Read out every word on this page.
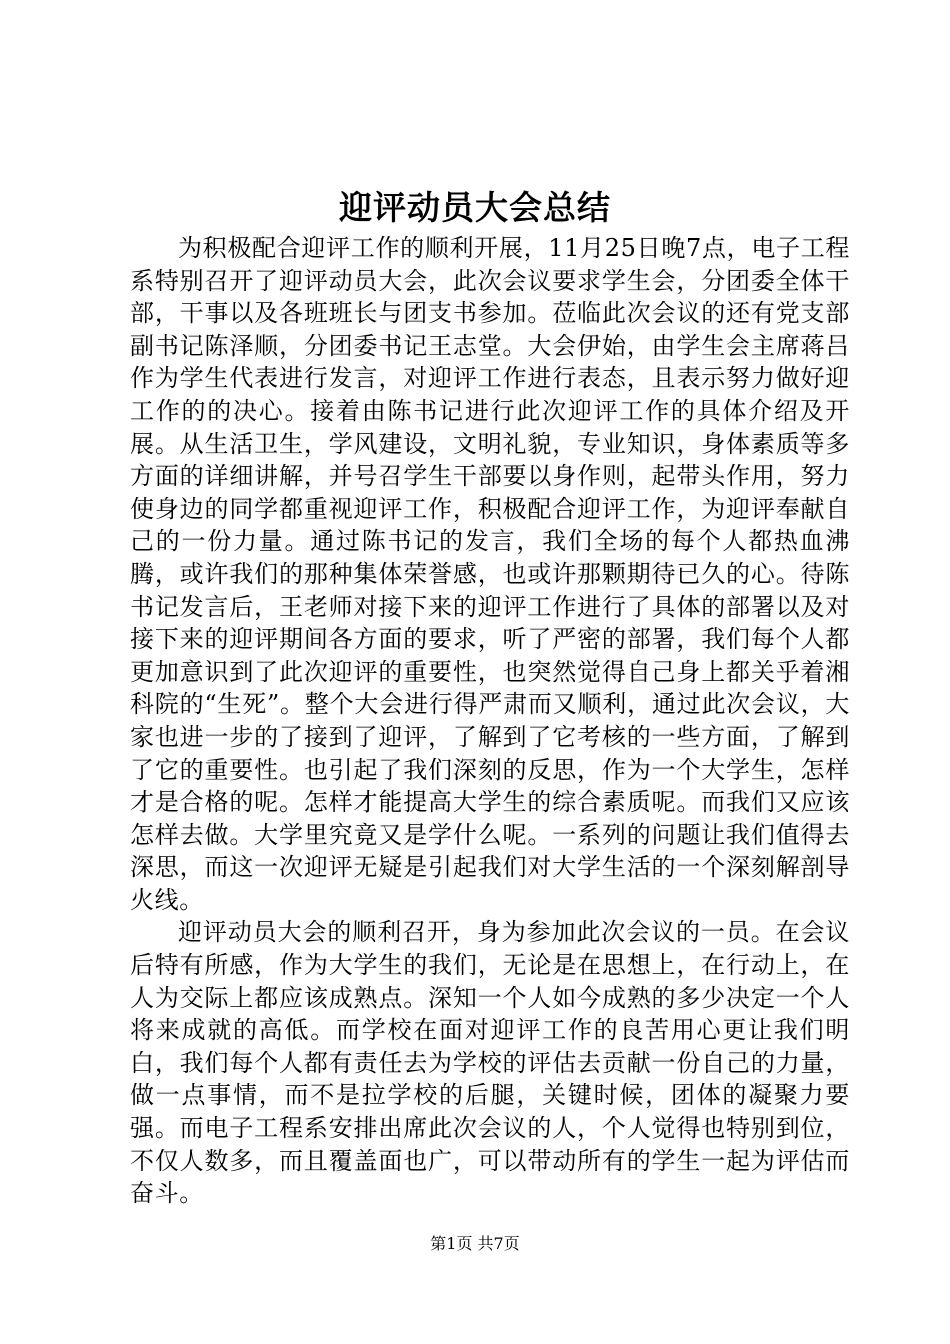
迎评动员大会总结

为积极配合迎评工作的顺利开展，11月25日晚7点，电子工程系特别召开了迎评动员大会，此次会议要求学生会，分团委全体干部，干事以及各班班长与团支书参加。莅临此次会议的还有党支部副书记陈泽顺，分团委书记王志堂。大会伊始，由学生会主席蒋吕作为学生代表进行发言，对迎评工作进行表态，且表示努力做好迎工作的的决心。接着由陈书记进行此次迎评工作的具体介绍及开展。从生活卫生，学风建设，文明礼貌，专业知识，身体素质等多方面的详细讲解，并号召学生干部要以身作则，起带头作用，努力使身边的同学都重视迎评工作，积极配合迎评工作，为迎评奉献自己的一份力量。通过陈书记的发言，我们全场的每个人都热血沸腾，或许我们的那种集体荣誉感，也或许那颗期待已久的心。待陈书记发言后，王老师对接下来的迎评工作进行了具体的部署以及对接下来的迎评期间各方面的要求，听了严密的部署，我们每个人都更加意识到了此次迎评的重要性，也突然觉得自己身上都关乎着湘科院的“生死”。整个大会进行得严肃而又顺利，通过此次会议，大家也进一步的了接到了迎评，了解到了它考核的一些方面，了解到了它的重要性。也引起了我们深刻的反思，作为一个大学生，怎样才是合格的呢。怎样才能提高大学生的综合素质呢。而我们又应该怎样去做。大学里究竟又是学什么呢。一系列的问题让我们值得去深思，而这一次迎评无疑是引起我们对大学生活的一个深刻解剖导火线。

迎评动员大会的顺利召开，身为参加此次会议的一员。在会议后特有所感，作为大学生的我们，无论是在思想上，在行动上，在人为交际上都应该成熟点。深知一个人如今成熟的多少决定一个人将来成就的高低。而学校在面对迎评工作的良苦用心更让我们明白，我们每个人都有责任去为学校的评估去贡献一份自己的力量，做一点事情，而不是拉学校的后腿，关键时候，团体的凝聚力要强。而电子工程系安排出席此次会议的人，个人觉得也特别到位，不仅人数多，而且覆盖面也广，可以带动所有的学生一起为评估而奋斗。

第1页 共7页
